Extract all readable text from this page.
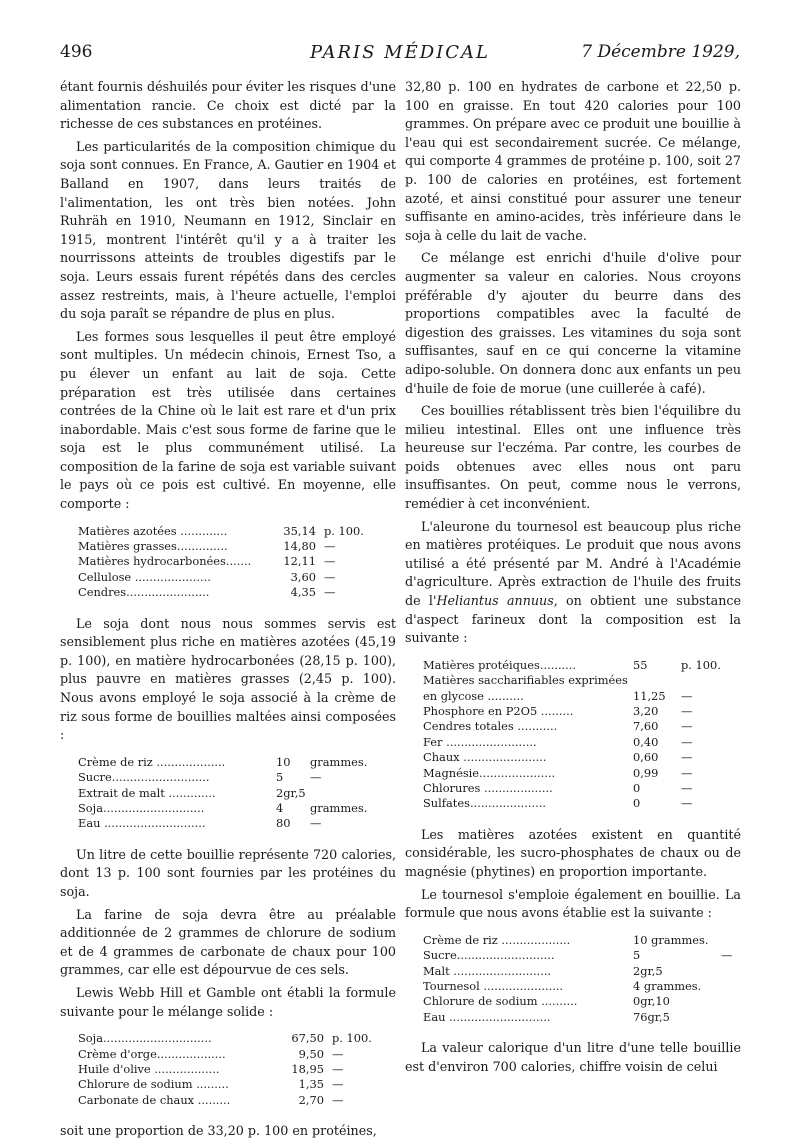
496	PARIS MÉDICAL	7 Décembre 1929,

étant fournis déshuilés pour éviter les risques d'une alimentation rancie. Ce choix est dicté par la richesse de ces substances en protéines.

Les particularités de la composition chimique du soja sont connues. En France, A. Gautier en 1904 et Balland en 1907, dans leurs traités de l'alimentation, les ont très bien notées. John Ruhräh en 1910, Neumann en 1912, Sinclair en 1915, montrent l'intérêt qu'il y a à traiter les nourrissons atteints de troubles digestifs par le soja. Leurs essais furent répétés dans des cercles assez restreints, mais, à l'heure actuelle, l'emploi du soja paraît se répandre de plus en plus.

Les formes sous lesquelles il peut être employé sont multiples. Un médecin chinois, Ernest Tso, a pu élever un enfant au lait de soja. Cette préparation est très utilisée dans certaines contrées de la Chine où le lait est rare et d'un prix inabordable. Mais c'est sous forme de farine que le soja est le plus communément utilisé. La composition de la farine de soja est variable suivant le pays où ce pois est cultivé. En moyenne, elle comporte :

Matières azotées .............	35,14 p. 100.
Matières grasses..............	14,80 —
Matières hydrocarbonées.......	12,11 —
Cellulose .....................	3,60 —
Cendres.......................	4,35 —

Le soja dont nous nous sommes servis est sensiblement plus riche en matières azotées (45,19 p. 100), en matière hydrocarbonées (28,15 p. 100), plus pauvre en matières grasses (2,45 p. 100). Nous avons employé le soja associé à la crème de riz sous forme de bouillies maltées ainsi composées :

Crème de riz ...................	10	grammes.
Sucre...........................	5	—
Extrait de malt .............	2gr,5
Soja............................	4	grammes.
Eau ............................	80	—

Un litre de cette bouillie représente 720 calories, dont 13 p. 100 sont fournies par les protéines du soja.

La farine de soja devra être au préalable additionnée de 2 grammes de chlorure de sodium et de 4 grammes de carbonate de chaux pour 100 grammes, car elle est dépourvue de ces sels.

Lewis Webb Hill et Gamble ont établi la formule suivante pour le mélange solide :

Soja..............................	67,50 p. 100.
Crème d'orge...................	9,50 —
Huile d'olive ..................	18,95 —
Chlorure de sodium .........	1,35 —
Carbonate de chaux .........	2,70 —

soit une proportion de 33,20 p. 100 en protéines,

32,80 p. 100 en hydrates de carbone et 22,50 p. 100 en graisse. En tout 420 calories pour 100 grammes. On prépare avec ce produit une bouillie à l'eau qui est secondairement sucrée. Ce mélange, qui comporte 4 grammes de protéine p. 100, soit 27 p. 100 de calories en protéines, est fortement azoté, et ainsi constitué pour assurer une teneur suffisante en amino-acides, très inférieure dans le soja à celle du lait de vache.

Ce mélange est enrichi d'huile d'olive pour augmenter sa valeur en calories. Nous croyons préférable d'y ajouter du beurre dans des proportions compatibles avec la faculté de digestion des graisses. Les vitamines du soja sont suffisantes, sauf en ce qui concerne la vitamine adipo-soluble. On donnera donc aux enfants un peu d'huile de foie de morue (une cuillerée à café).

Ces bouillies rétablissent très bien l'équilibre du milieu intestinal. Elles ont une influence très heureuse sur l'eczéma. Par contre, les courbes de poids obtenues avec elles nous ont paru insuffisantes. On peut, comme nous le verrons, remédier à cet inconvénient.

L'aleurone du tournesol est beaucoup plus riche en matières protéiques. Le produit que nous avons utilisé a été présenté par M. André à l'Académie d'agriculture. Après extraction de l'huile des fruits de l'Heliantus annuus, on obtient une substance d'aspect farineux dont la composition est la suivante :

Matières protéiques..........	55	p. 100.
Matières saccharifiables exprimées en glycose ..........	11,25	—
Phosphore en P2O5 .........	3,20	—
Cendres totales ...........	7,60	—
Fer .........................	0,40	—
Chaux .......................	0,60	—
Magnésie.....................	0,99	—
Chlorures ...................	0	—
Sulfates.....................	0	—

Les matières azotées existent en quantité considérable, les sucro-phosphates de chaux ou de magnésie (phytines) en proportion importante.

Le tournesol s'emploie également en bouillie. La formule que nous avons établie est la suivante :

Crème de riz ...................	10 grammes.
Sucre...........................	5	—
Malt ...........................	2gr,5
Tournesol ......................	4 grammes.
Chlorure de sodium ..........	0gr,10
Eau ............................	76gr,5

La valeur calorique d'un litre d'une telle bouillie est d'environ 700 calories, chiffre voisin de celui
